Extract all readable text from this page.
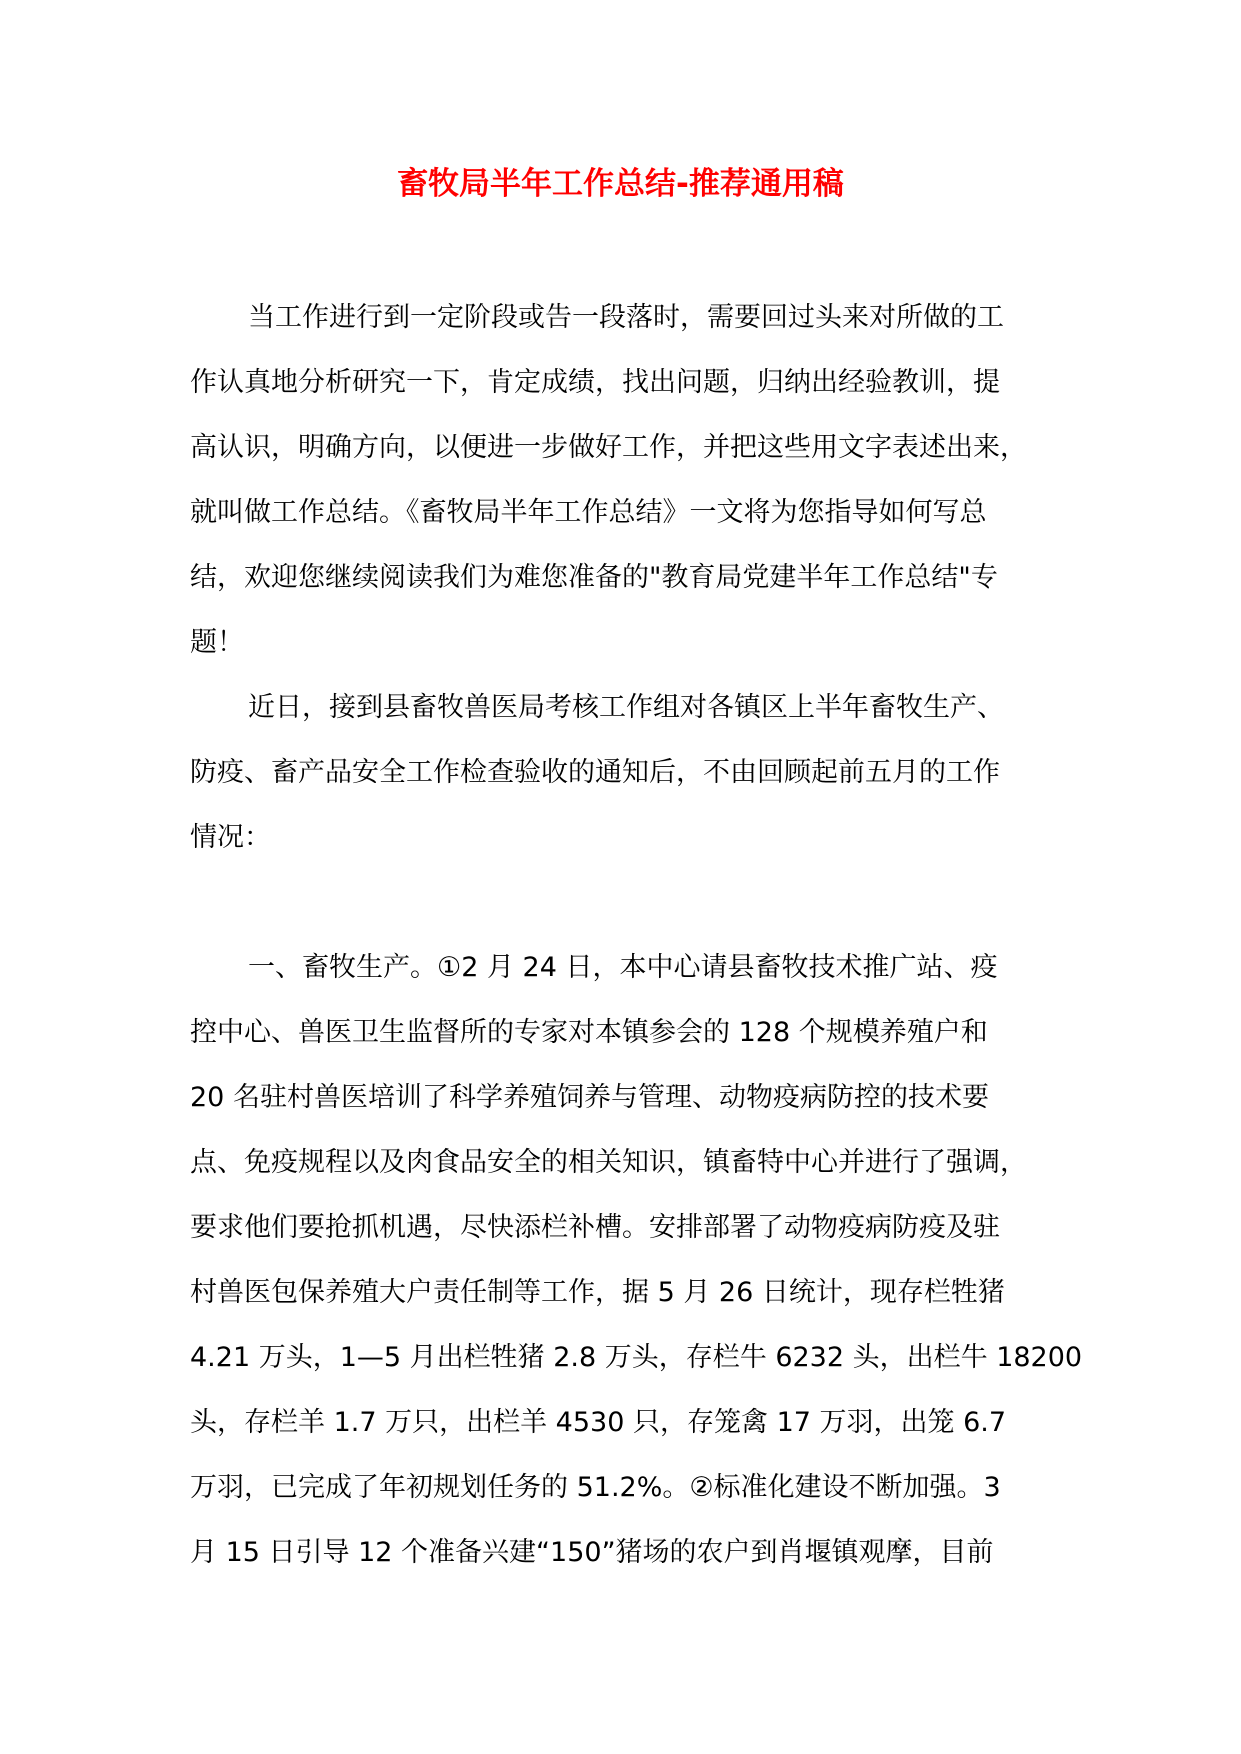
畜牧局半年工作总结-推荐通用稿
当工作进行到一定阶段或告一段落时，需要回过头来对所做的工
作认真地分析研究一下，肯定成绩，找出问题，归纳出经验教训，提
高认识，明确方向，以便进一步做好工作，并把这些用文字表述出来，
就叫做工作总结。《畜牧局半年工作总结》一文将为您指导如何写总
结，欢迎您继续阅读我们为难您准备的"教育局党建半年工作总结"专
题！
近日，接到县畜牧兽医局考核工作组对各镇区上半年畜牧生产、
防疫、畜产品安全工作检查验收的通知后，不由回顾起前五月的工作
情况：
一、畜牧生产。①2 月 24 日，本中心请县畜牧技术推广站、疫
控中心、兽医卫生监督所的专家对本镇参会的 128 个规模养殖户和
20 名驻村兽医培训了科学养殖饲养与管理、动物疫病防控的技术要
点、免疫规程以及肉食品安全的相关知识，镇畜特中心并进行了强调，
要求他们要抢抓机遇，尽快添栏补槽。安排部署了动物疫病防疫及驻
村兽医包保养殖大户责任制等工作，据 5 月 26 日统计，现存栏牲猪
4.21 万头，1—5 月出栏牲猪 2.8 万头，存栏牛 6232 头，出栏牛 18200
头，存栏羊 1.7 万只，出栏羊 4530 只，存笼禽 17 万羽，出笼 6.7
万羽，已完成了年初规划任务的 51.2%。②标准化建设不断加强。3
月 15 日引导 12 个准备兴建“150”猪场的农户到肖堰镇观摩，目前
